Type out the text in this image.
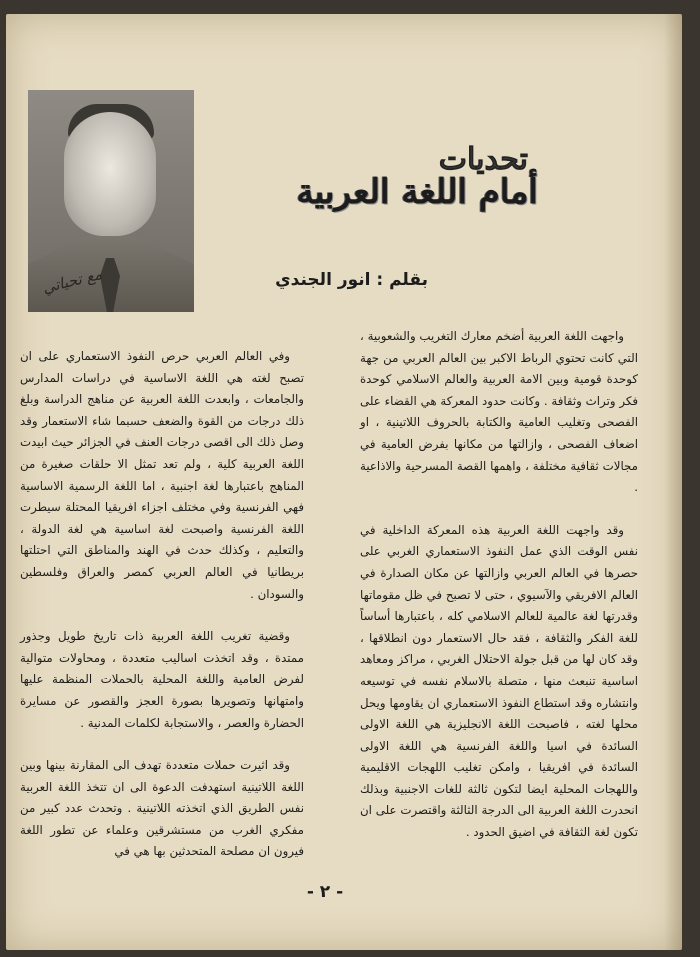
مع تحياتي
تحديات
أمام اللغة العربية
بقلم : انور الجندي

واجهت اللغة العربية أضخم معارك التغريب والشعوبية ، التي كانت تحتوي الرباط الاكبر بين العالم العربي من جهة كوحدة قومية وبين الامة العربية والعالم الاسلامي كوحدة فكر وتراث وثقافة . وكانت حدود المعركة هي القضاء على الفصحى وتغليب العامية والكتابة بالحروف اللاتينية ، او اضعاف الفصحى ، وازالتها من مكانها بفرض العامية في مجالات ثقافية مختلفة ، واهمها القصة المسرحية والاذاعية .

وقد واجهت اللغة العربية هذه المعركة الداخلية في نفس الوقت الذي عمل النفوذ الاستعماري الغربي على حصرها في العالم العربي وازالتها عن مكان الصدارة في العالم الافريقي والآسيوي ، حتى لا تصبح في ظل مقوماتها وقدرتها لغة عالمية للعالم الاسلامي كله ، باعتبارها أساساً للغة الفكر والثقافة ، فقد حال الاستعمار دون انطلاقها ، وقد كان لها من قبل جولة الاحتلال الغربي ، مراكز ومعاهد اساسية تنبعث منها ، متصلة بالاسلام نفسه في توسيعه وانتشاره وقد استطاع النفوذ الاستعماري ان يقاومها ويحل محلها لغته ، فاصبحت اللغة الانجليزية هي اللغة الاولى السائدة في اسيا واللغة الفرنسية هي اللغة الاولى السائدة في افريقيا ، وامكن تغليب اللهجات الاقليمية واللهجات المحلية ايضا لتكون ثالثة للغات الاجنبية وبذلك انحدرت اللغة العربية الى الدرجة الثالثة واقتصرت على ان تكون لغة الثقافة في اضيق الحدود .

وفي العالم العربي حرص النفوذ الاستعماري على ان تصبح لغته هي اللغة الاساسية في دراسات المدارس والجامعات ، وابعدت اللغة العربية عن مناهج الدراسة وبلغ ذلك درجات من القوة والضعف حسبما شاء الاستعمار وقد وصل ذلك الى اقصى درجات العنف في الجزائر حيث ابيدت اللغة العربية كلية ، ولم تعد تمثل الا حلقات صغيرة من المناهج باعتبارها لغة اجنبية ، اما اللغة الرسمية الاساسية فهي الفرنسية وفي مختلف اجزاء افريقيا المحتلة سيطرت اللغة الفرنسية واصبحت لغة اساسية هي لغة الدولة ، والتعليم ، وكذلك حدث في الهند والمناطق التي احتلتها بريطانيا في العالم العربي كمصر والعراق وفلسطين والسودان .

وقضية تغريب اللغة العربية ذات تاريخ طويل وجذور ممتدة ، وقد اتخذت اساليب متعددة ، ومحاولات متوالية لفرض العامية واللغة المحلية بالحملات المنظمة عليها وامتهانها وتصويرها بصورة العجز والقصور عن مسايرة الحضارة والعصر ، والاستجابة لكلمات المدنية .

وقد اثيرت حملات متعددة تهدف الى المقارنة بينها وبين اللغة اللاتينية استهدفت الدعوة الى ان تتخذ اللغة العربية نفس الطريق الذي اتخذته اللاتينية . وتحدث عدد كبير من مفكري الغرب من مستشرقين وعلماء عن تطور اللغة فيرون ان مصلحة المتحدثين بها هي في

- ٢ -
